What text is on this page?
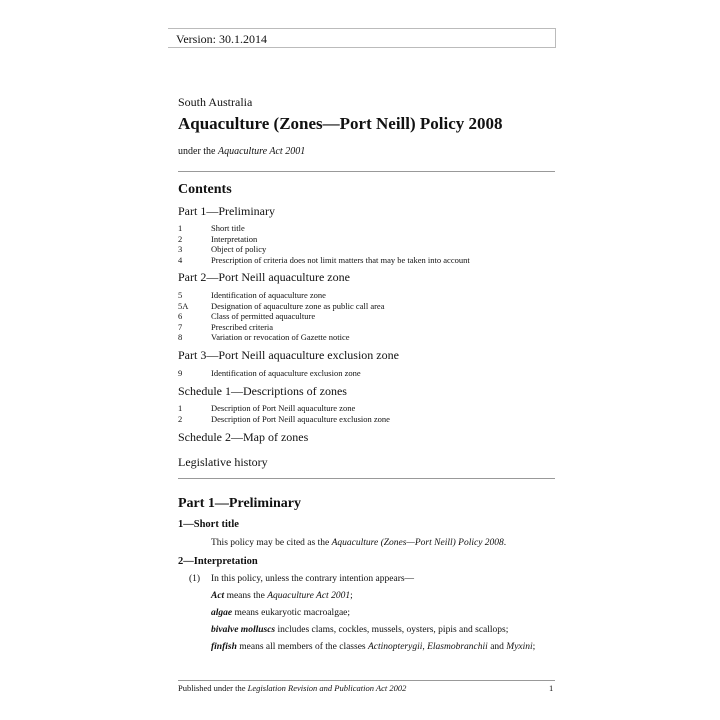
Version: 30.1.2014
South Australia
Aquaculture (Zones—Port Neill) Policy 2008
under the Aquaculture Act 2001
Contents
Part 1—Preliminary
1	Short title
2	Interpretation
3	Object of policy
4	Prescription of criteria does not limit matters that may be taken into account
Part 2—Port Neill aquaculture zone
5	Identification of aquaculture zone
5A	Designation of aquaculture zone as public call area
6	Class of permitted aquaculture
7	Prescribed criteria
8	Variation or revocation of Gazette notice
Part 3—Port Neill aquaculture exclusion zone
9	Identification of aquaculture exclusion zone
Schedule 1—Descriptions of zones
1	Description of Port Neill aquaculture zone
2	Description of Port Neill aquaculture exclusion zone
Schedule 2—Map of zones
Legislative history
Part 1—Preliminary
1—Short title
This policy may be cited as the Aquaculture (Zones—Port Neill) Policy 2008.
2—Interpretation
(1) In this policy, unless the contrary intention appears—
Act means the Aquaculture Act 2001;
algae means eukaryotic macroalgae;
bivalve molluscs includes clams, cockles, mussels, oysters, pipis and scallops;
finfish means all members of the classes Actinopterygii, Elasmobranchii and Myxini;
Published under the Legislation Revision and Publication Act 2002	1
